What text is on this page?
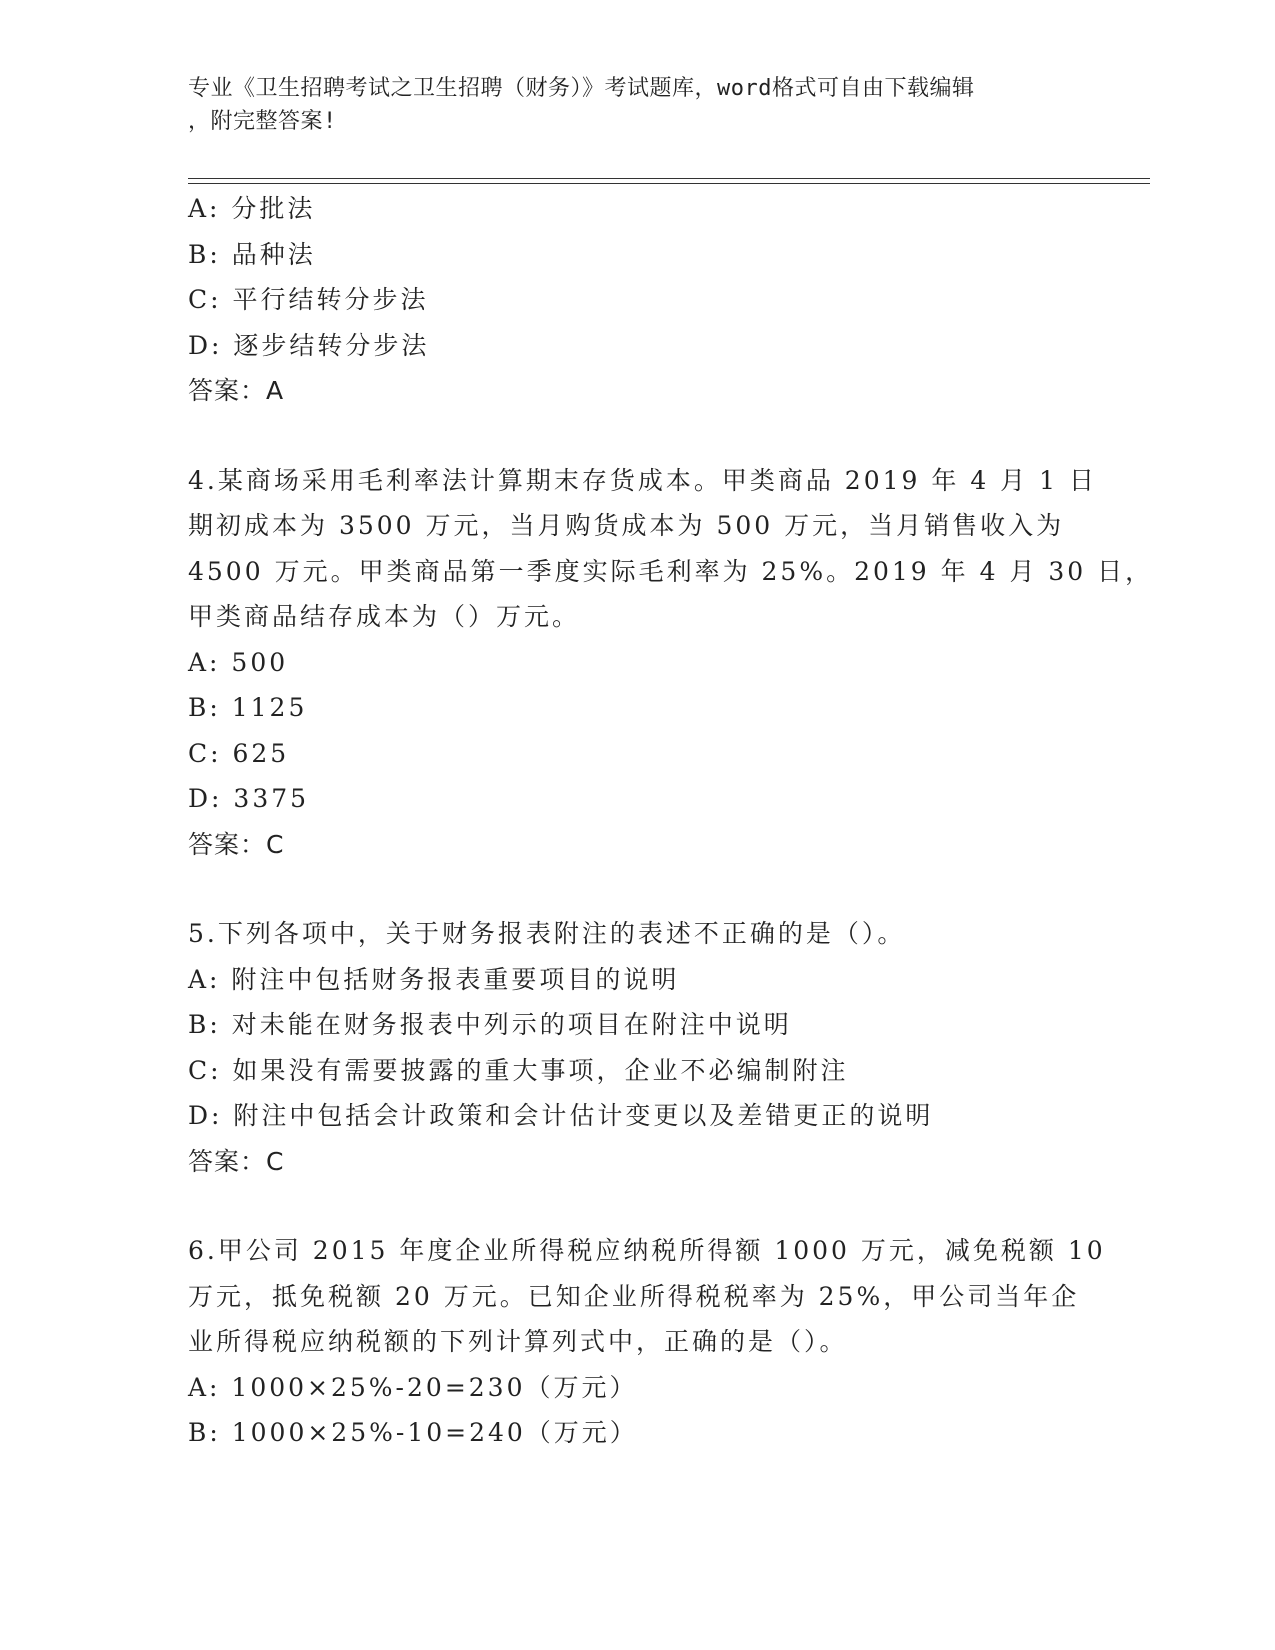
专业《卫生招聘考试之卫生招聘（财务）》考试题库，word格式可自由下载编辑
，附完整答案!
A: 分批法
B: 品种法
C: 平行结转分步法
D: 逐步结转分步法
答案：A
4.某商场采用毛利率法计算期末存货成本。甲类商品 2019 年 4 月 1 日
期初成本为 3500 万元，当月购货成本为 500 万元，当月销售收入为
4500 万元。甲类商品第一季度实际毛利率为 25%。2019 年 4 月 30 日，
甲类商品结存成本为（）万元。
A: 500
B: 1125
C: 625
D: 3375
答案：C
5.下列各项中，关于财务报表附注的表述不正确的是（）。
A: 附注中包括财务报表重要项目的说明
B: 对未能在财务报表中列示的项目在附注中说明
C: 如果没有需要披露的重大事项，企业不必编制附注
D: 附注中包括会计政策和会计估计变更以及差错更正的说明
答案：C
6.甲公司 2015 年度企业所得税应纳税所得额 1000 万元，减免税额 10
万元，抵免税额 20 万元。已知企业所得税税率为 25%，甲公司当年企
业所得税应纳税额的下列计算列式中，正确的是（）。
A: 1000×25%-20=230（万元）
B: 1000×25%-10=240（万元）
